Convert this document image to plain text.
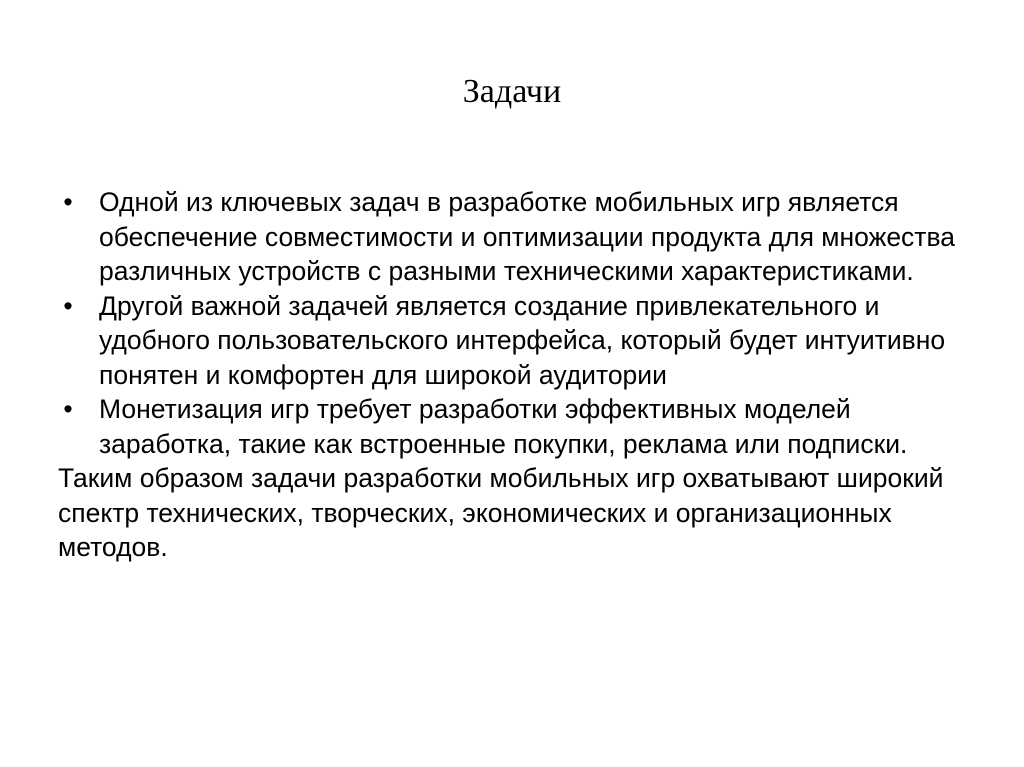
Задачи
• Одной из ключевых задач в разработке мобильных игр является обеспечение совместимости и оптимизации продукта для множества различных устройств с разными техническими характеристиками.
• Другой важной задачей является создание привлекательного и удобного пользовательского интерфейса, который будет интуитивно понятен и комфортен для широкой аудитории
• Монетизация игр требует разработки эффективных моделей заработка, такие как встроенные покупки, реклама или подписки.

Таким образом задачи разработки мобильных игр охватывают широкий спектр технических, творческих, экономических и организационных методов.
